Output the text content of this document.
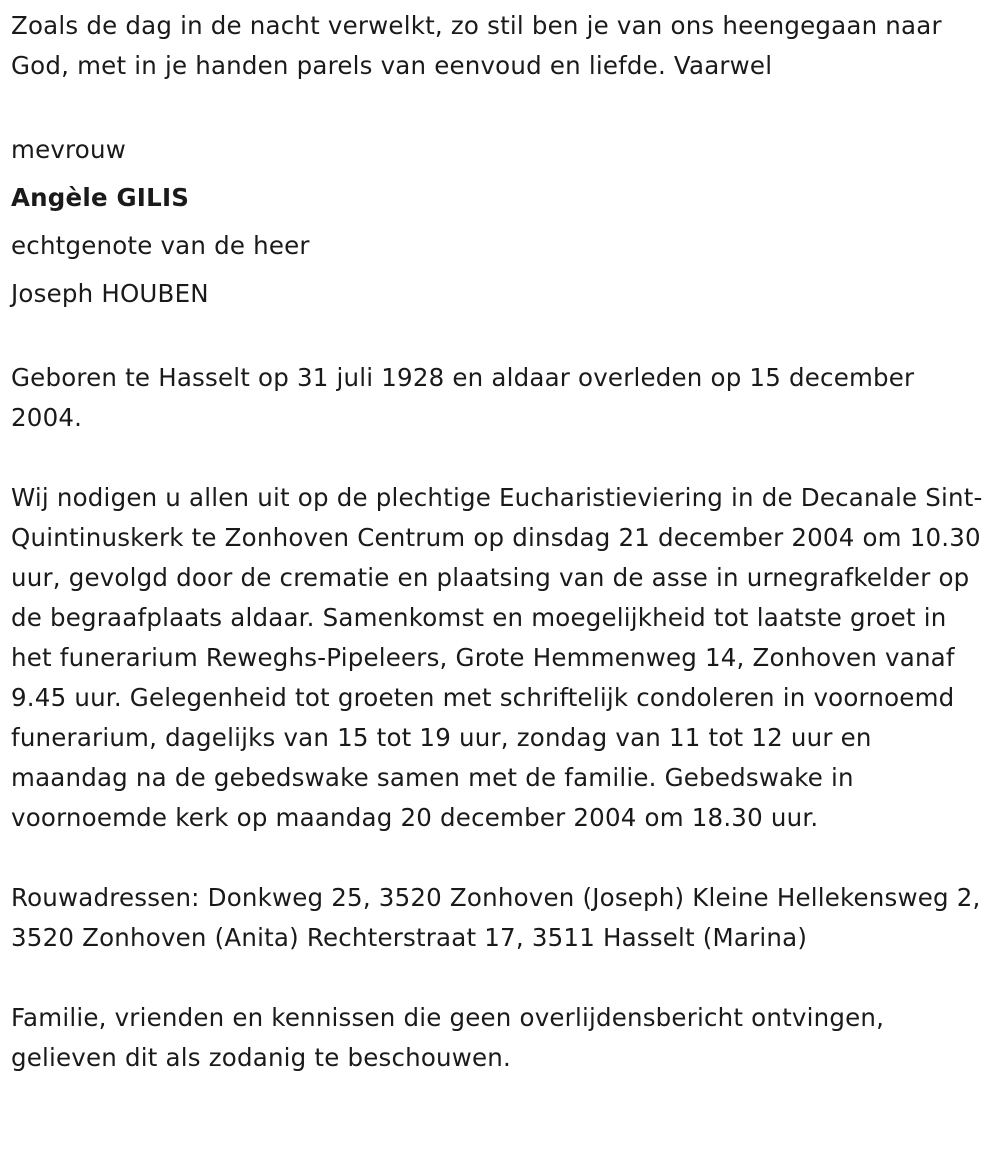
Zoals de dag in de nacht verwelkt, zo stil ben je van ons heengegaan naar God, met in je handen parels van eenvoud en liefde. Vaarwel

mevrouw

Angèle GILIS

echtgenote van de heer

Joseph HOUBEN

Geboren te Hasselt op 31 juli 1928 en aldaar overleden op 15 december 2004.

Wij nodigen u allen uit op de plechtige Eucharistieviering in de Decanale Sint-Quintinuskerk te Zonhoven Centrum op dinsdag 21 december 2004 om 10.30 uur, gevolgd door de crematie en plaatsing van de asse in urnegrafkelder op de begraafplaats aldaar. Samenkomst en moegelijkheid tot laatste groet in het funerarium Reweghs-Pipeleers, Grote Hemmenweg 14, Zonhoven vanaf 9.45 uur. Gelegenheid tot groeten met schriftelijk condoleren in voornoemd funerarium, dagelijks van 15 tot 19 uur, zondag van 11 tot 12 uur en maandag na de gebedswake samen met de familie. Gebedswake in voornoemde kerk op maandag 20 december 2004 om 18.30 uur.

Rouwadressen: Donkweg 25, 3520 Zonhoven (Joseph) Kleine Hellekensweg 2, 3520 Zonhoven (Anita) Rechterstraat 17, 3511 Hasselt (Marina)

Familie, vrienden en kennissen die geen overlijdensbericht ontvingen, gelieven dit als zodanig te beschouwen.
